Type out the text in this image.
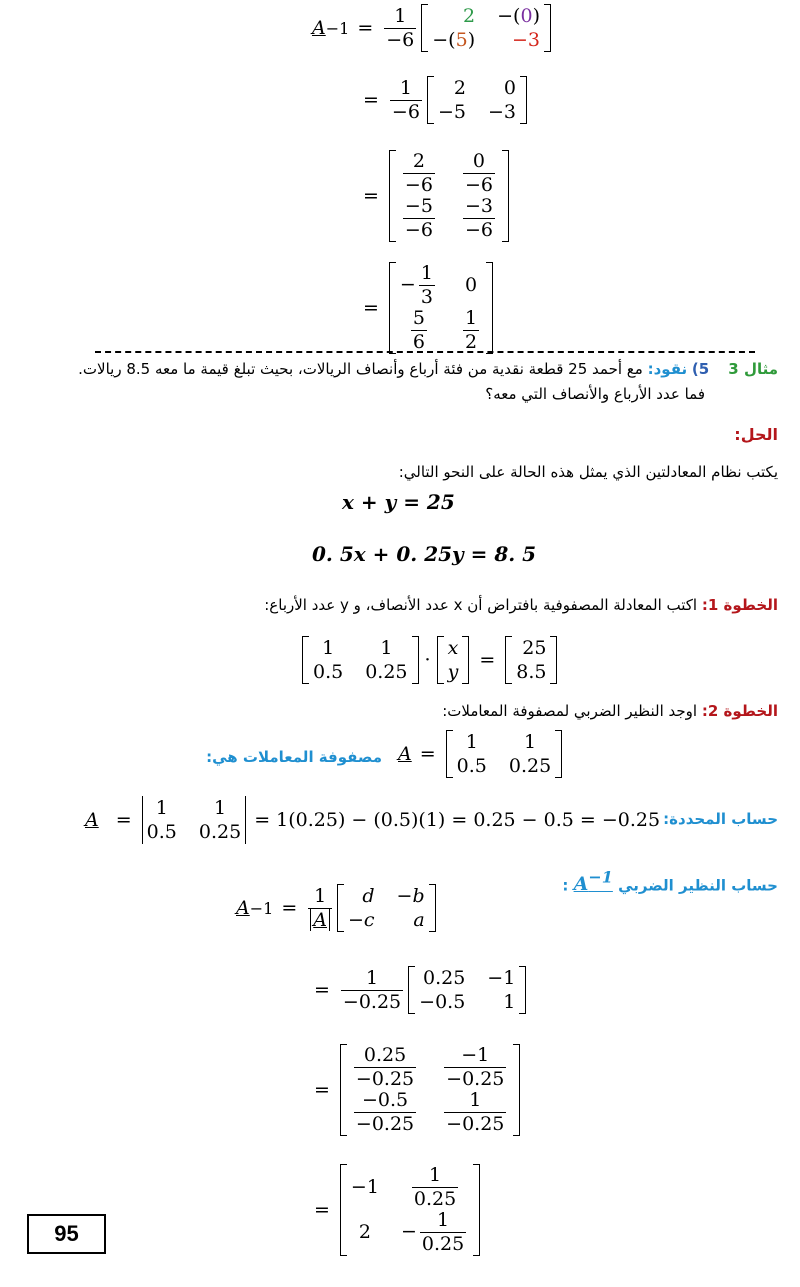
$A -1 = \frac{1}{-6} 2 -(0)$
−(5) −3
= $\frac{1}{-6} 2$ 0
−5 −3
= $\frac{2}{-6} \frac{0}{-6}$
$\frac{-5}{-6} \frac{-3}{-6}$
=
− $\frac{1}{3} 0$
$\frac{5}{6} \frac{1}{2}$
مثال 3    5) نقود: مع أحمد 25 قطعة نقدية من فئة أرباع وأنصاف الريالات، بحيث تبلغ قيمة ما معه 8.5 ريالات.
فما عدد الأرباع والأنصاف التي معه؟
الحل:
يكتب نظام المعادلتين الذي يمثل هذه الحالة على النحو التالي:
x + y = 25
0. 5x + 0. 25y = 8. 5
الخطوة 1: اكتب المعادلة المصفوفية بافتراض أن x عدد الأنصاف، و y عدد الأرباع:
1 1
0.5 0.25
·
x
y
=
25
8.5
الخطوة 2: اوجد النظير الضربي لمصفوفة المعاملات:
مصفوفة المعاملات هي: A =
1 1
0.5 0.25
حساب المحددة:
A =
1 1
0.5 0.25
= 1(0.25) − (0.5)(1) = 0.25 − 0.5 = −0.25
حساب النظير الضربي $A^{-1}$ :
$A -1 = \frac{1}{A}$ d −b
−c a
= $\frac{1}{-0.25} 0.25 -1$
−0.5 1
= $\frac{0.25}{-0.25} \frac{-1}{-0.25}$
$\frac{-0.5}{-0.25} \frac{1}{-0.25}$
=
$-1 \frac{1}{0.25}$
$2 - \frac{1}{0.25}$
95
